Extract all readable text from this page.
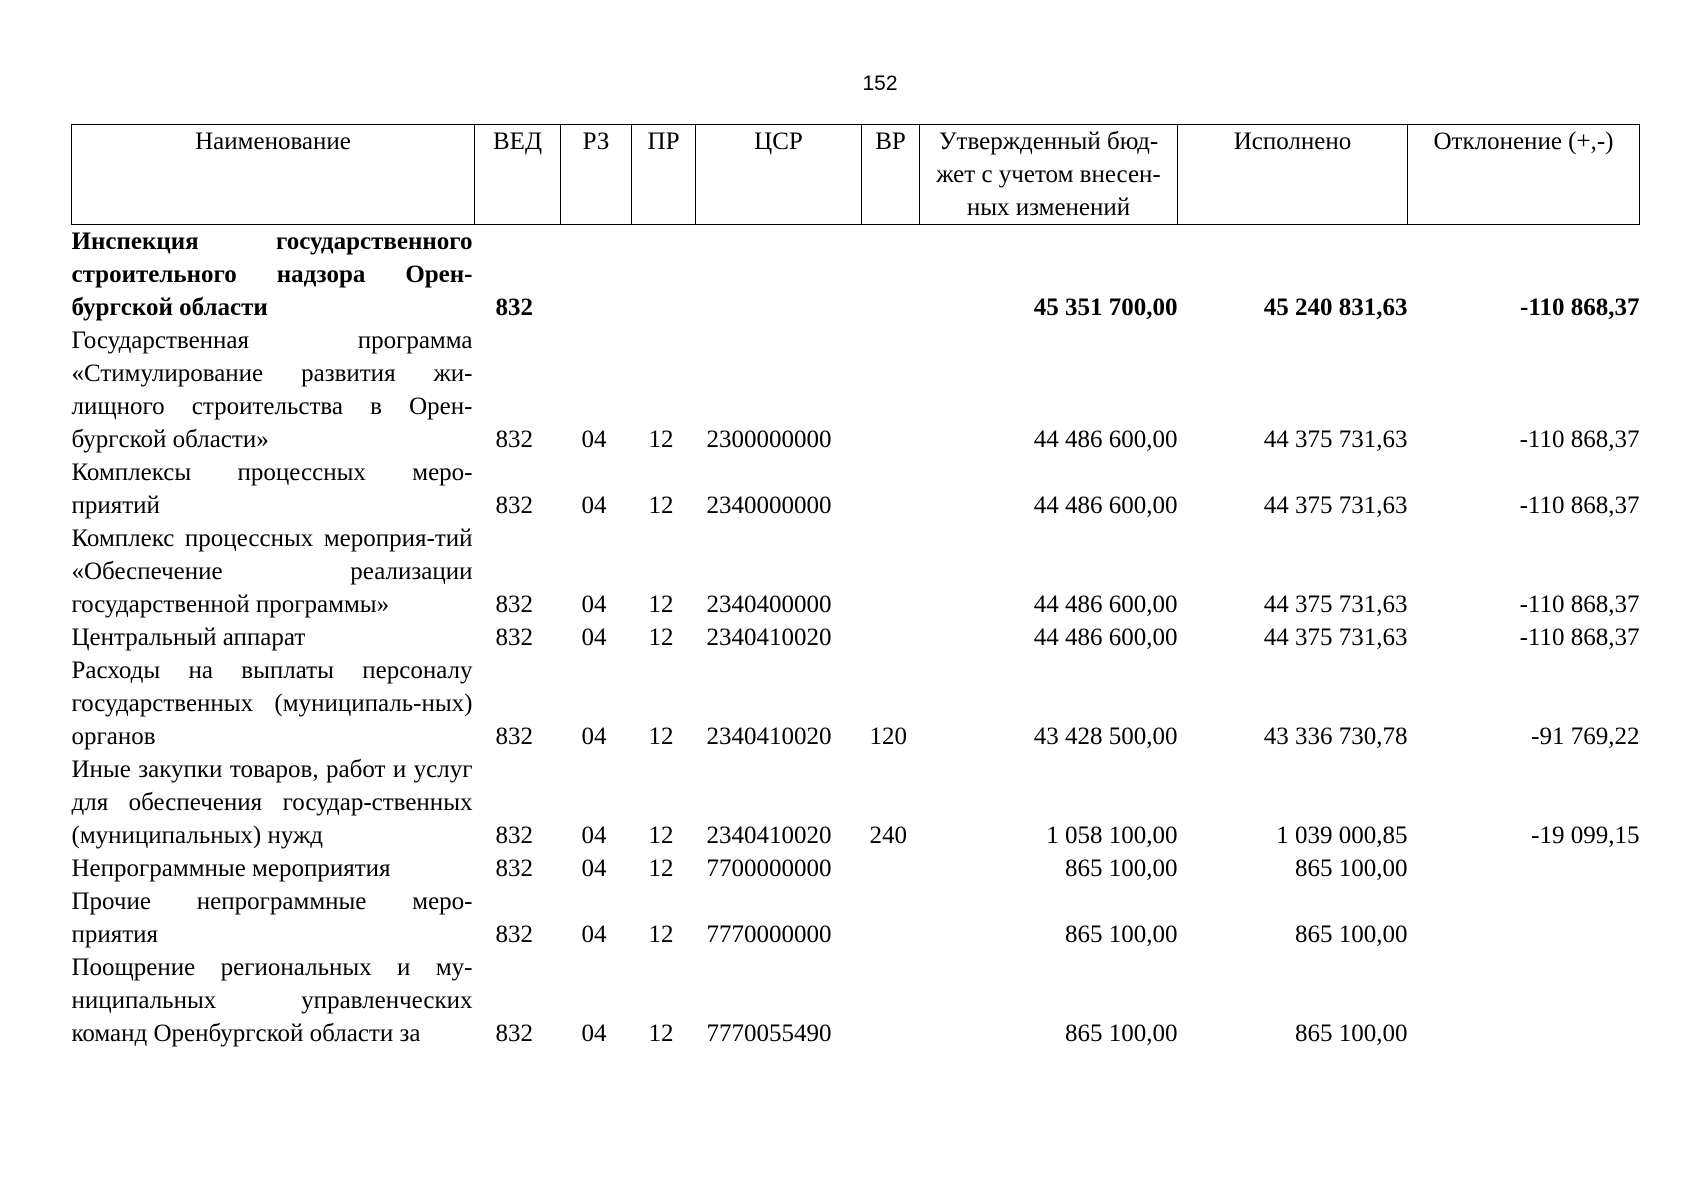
152
Наименование	ВЕД	РЗ	ПР	ЦСР	ВР	Утвержденный бюд-жет с учетом внесен-ных изменений	Исполнено	Отклонение (+,-)
Инспекция государственного строительного надзора Орен-бургской области	832					45 351 700,00	45 240 831,63	-110 868,37
Государственная программа «Стимулирование развития жи-лищного строительства в Орен-бургской области»	832	04	12	2300000000		44 486 600,00	44 375 731,63	-110 868,37
Комплексы процессных меро-приятий	832	04	12	2340000000		44 486 600,00	44 375 731,63	-110 868,37
Комплекс процессных мероприя-тий «Обеспечение реализации государственной программы»	832	04	12	2340400000		44 486 600,00	44 375 731,63	-110 868,37
Центральный аппарат	832	04	12	2340410020		44 486 600,00	44 375 731,63	-110 868,37
Расходы на выплаты персоналу государственных (муниципаль-ных) органов	832	04	12	2340410020	120	43 428 500,00	43 336 730,78	-91 769,22
Иные закупки товаров, работ и услуг для обеспечения государ-ственных (муниципальных) нужд	832	04	12	2340410020	240	1 058 100,00	1 039 000,85	-19 099,15
Непрограммные мероприятия	832	04	12	7700000000		865 100,00	865 100,00	
Прочие непрограммные меро-приятия	832	04	12	7770000000		865 100,00	865 100,00	
Поощрение региональных и му-ниципальных управленческих команд Оренбургской области за	832	04	12	7770055490		865 100,00	865 100,00	
